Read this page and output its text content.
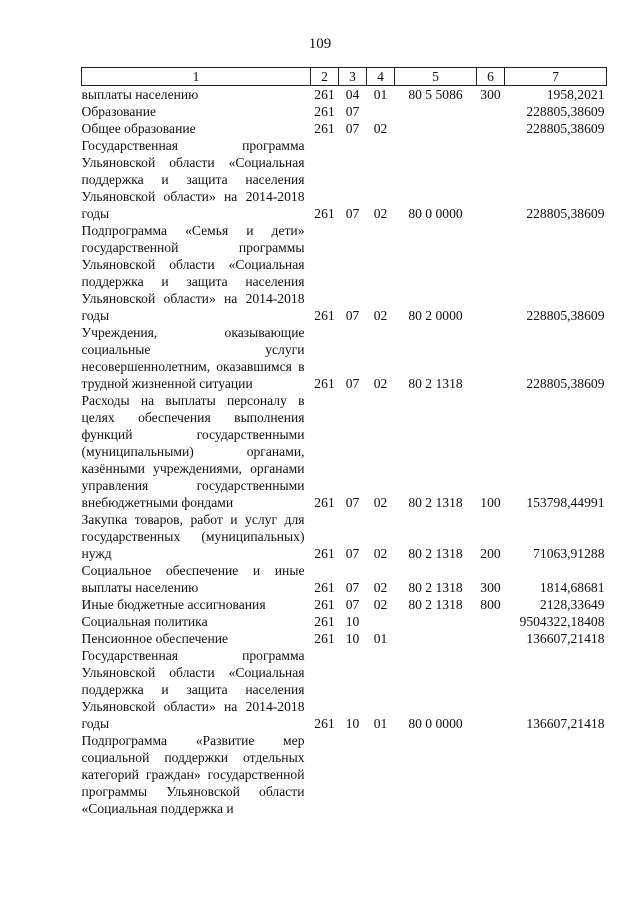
109
1	2	3	4	5	6	7
выплаты населению	261	04	01	80 5 5086	300	1958,2021
Образование	261	07				228805,38609
Общее образование	261	07	02			228805,38609
Государственная программа Ульяновской области «Социальная поддержка и защита населения Ульяновской области» на 2014-2018 годы	261	07	02	80 0 0000		228805,38609
Подпрограмма «Семья и дети» государственной программы Ульяновской области «Социальная поддержка и защита населения Ульяновской области» на 2014-2018 годы	261	07	02	80 2 0000		228805,38609
Учреждения, оказывающие социальные услуги несовершеннолетним, оказавшимся в трудной жизненной ситуации	261	07	02	80 2 1318		228805,38609
Расходы на выплаты персоналу в целях обеспечения выполнения функций государственными (муниципальными) органами, казёнными учреждениями, органами управления государственными внебюджетными фондами	261	07	02	80 2 1318	100	153798,44991
Закупка товаров, работ и услуг для государственных (муниципальных) нужд	261	07	02	80 2 1318	200	71063,91288
Социальное обеспечение и иные выплаты населению	261	07	02	80 2 1318	300	1814,68681
Иные бюджетные ассигнования	261	07	02	80 2 1318	800	2128,33649
Социальная политика	261	10				9504322,18408
Пенсионное обеспечение	261	10	01			136607,21418
Государственная программа Ульяновской области «Социальная поддержка и защита населения Ульяновской области» на 2014-2018 годы	261	10	01	80 0 0000		136607,21418
Подпрограмма «Развитие мер социальной поддержки отдельных категорий граждан» государственной программы Ульяновской области «Социальная поддержка и						
